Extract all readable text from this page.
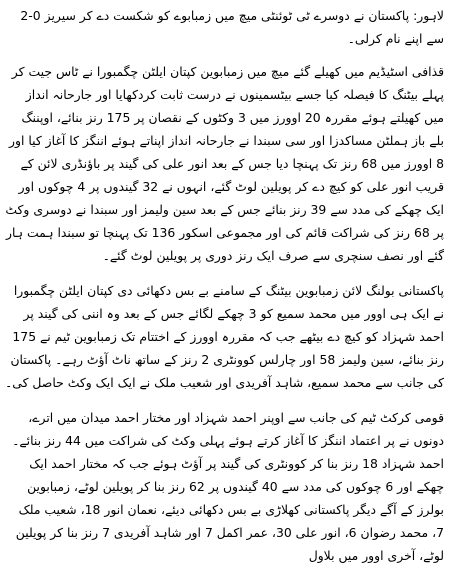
لاہور: پاکستان نے دوسرے ٹی ٹوئنٹی میچ میں زمبابوے کو شکست دے کر سیریز 0-2 سے اپنے نام کرلی۔

قذافی اسٹیڈیم میں کھیلے گئے میچ میں زمبابوین کپتان ایلٹن چگمبورا نے ٹاس جیت کر پہلے بیٹنگ کا فیصلہ کیا جسے بیٹسمینوں نے درست ثابت کردکھایا اور جارحانہ انداز میں کھیلتے ہوئے مقررہ 20 اوورز میں 3 وکٹوں کے نقصان پر 175 رنز بنائے، اوپننگ بلے باز ہملٹن مساکدزا اور سی سبندا نے جارحانہ انداز اپناتے ہوئے اننگز کا آغاز کیا اور 8 اوورز میں 68 رنز تک پہنچا دیا جس کے بعد انور علی کی گیند پر باؤنڈری لائن کے قریب انور علی کو کیچ دے کر پویلین لوٹ گئے، انہوں نے 32 گیندوں پر 4 چوکوں اور ایک چھکے کی مدد سے 39 رنز بنائے جس کے بعد سین ولیمز اور سبندا نے دوسری وکٹ پر 68 رنز کی شراکت قائم کی اور مجموعی اسکور 136 تک پہنچا تو سبندا ہمت ہار گئے اور نصف سنچری سے صرف ایک رنز دوری پر پویلین لوٹ گئے۔

پاکستانی بولنگ لائن زمبابوین بیٹنگ کے سامنے بے بس دکھائی دی کپتان ایلٹن چگمبورا نے ایک ہی اوور میں محمد سمیع کو 3 چھکے لگائے جس کے بعد وہ اننی کی گیند پر احمد شہزاد کو کیچ دے بیٹھے جب کہ مقررہ اوورز کے اختتام تک زمبابوین ٹیم نے 175 رنز بنائے، سین ولیمز 58 اور چارلس کوونٹری 2 رنز کے ساتھ ناٹ آؤٹ رہے۔ پاکستان کی جانب سے محمد سمیع، شاہد آفریدی اور شعیب ملک نے ایک ایک وکٹ حاصل کی۔

قومی کرکٹ ٹیم کی جانب سے اوپنر احمد شہزاد اور مختار احمد میدان میں اترے، دونوں نے پر اعتماد اننگز کا آغاز کرتے ہوئے پہلی وکٹ کی شراکت میں 44 رنز بنائے۔ احمد شہزاد 18 رنز بنا کر کوونٹری کی گیند پر آؤٹ ہوئے جب کہ مختار احمد ایک چھکے اور 6 چوکوں کی مدد سے 40 گیندوں پر 62 رنز بنا کر پویلین لوٹے، زمبابوین بولرز کے آگے دیگر پاکستانی کھلاڑی بے بس دکھائی دیئے، نعمان انور 18، شعیب ملک 7، محمد رضوان 6، انور علی 30، عمر اکمل 7 اور شاہد آفریدی 7 رنز بنا کر پویلین لوٹے، آخری اوور میں بلاول
